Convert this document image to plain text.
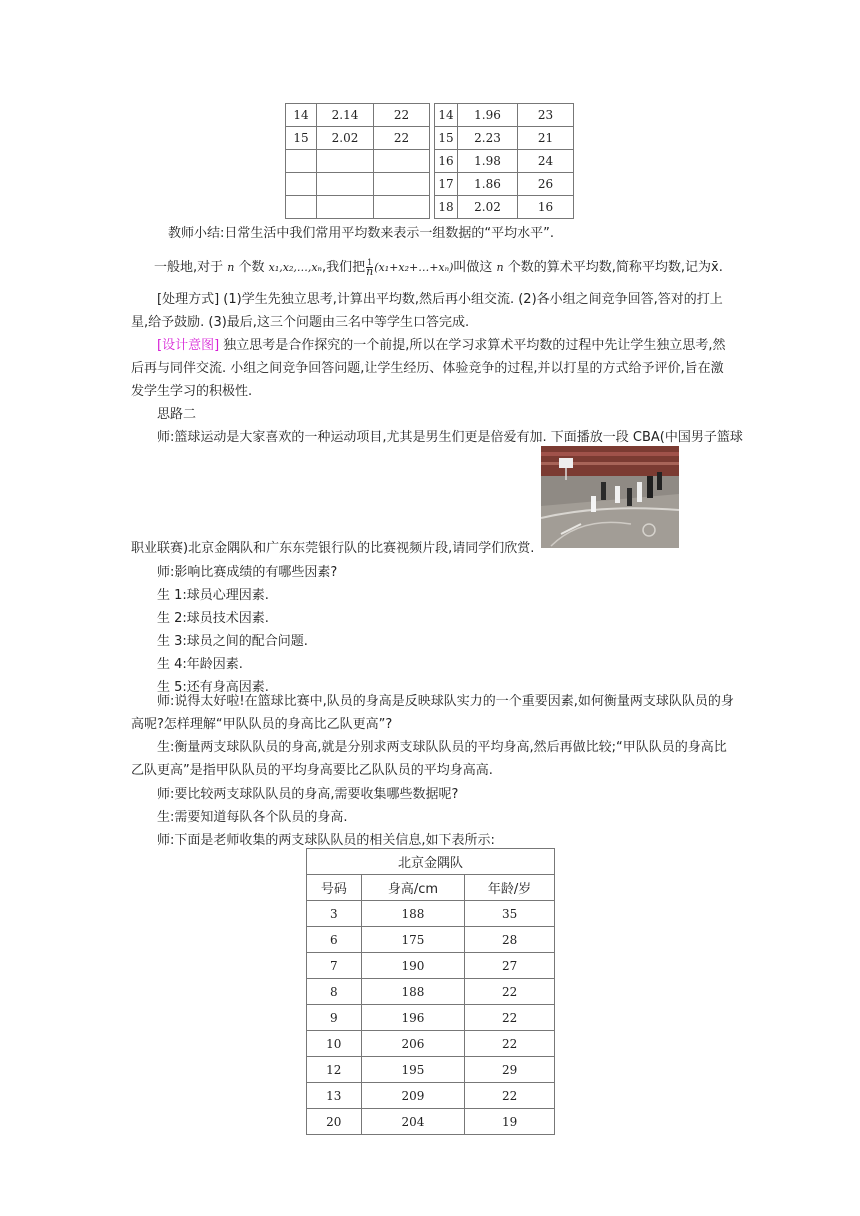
14	2.14	22		14	1.96	23
15	2.02	22		15	2.23	21
				16	1.98	24
				17	1.86	26
				18	2.02	16
教师小结:日常生活中我们常用平均数来表示一组数据的“平均水平”.
一般地,对于 n 个数 x₁,x₂,…,xₙ,我们把 $\frac{1}{n}$ (x₁+x₂+…+xₙ)叫做这 n 个数的算术平均数,简称平均数,记为x̄.
[处理方式] (1)学生先独立思考,计算出平均数,然后再小组交流. (2)各小组之间竞争回答,答对的打上星,给予鼓励. (3)最后,这三个问题由三名中等学生口答完成.
[设计意图] 独立思考是合作探究的一个前提,所以在学习求算术平均数的过程中先让学生独立思考,然后再与同伴交流. 小组之间竞争回答问题,让学生经历、体验竞争的过程,并以打星的方式给予评价,旨在激发学生学习的积极性.
思路二
师:篮球运动是大家喜欢的一种运动项目,尤其是男生们更是倍爱有加. 下面播放一段 CBA(中国男子篮球
职业联赛)北京金隅队和广东东莞银行队的比赛视频片段,请同学们欣赏.
师:影响比赛成绩的有哪些因素?
生 1:球员心理因素.
生 2:球员技术因素.
生 3:球员之间的配合问题.
生 4:年龄因素.
生 5:还有身高因素.
师:说得太好啦!在篮球比赛中,队员的身高是反映球队实力的一个重要因素,如何衡量两支球队队员的身高呢?怎样理解“甲队队员的身高比乙队更高”?
生:衡量两支球队队员的身高,就是分别求两支球队队员的平均身高,然后再做比较;“甲队队员的身高比乙队更高”是指甲队队员的平均身高要比乙队队员的平均身高高.
师:要比较两支球队队员的身高,需要收集哪些数据呢?
生:需要知道每队各个队员的身高.
师:下面是老师收集的两支球队队员的相关信息,如下表所示:
北京金隅队		
号码	身高/cm	年龄/岁
3	188	35
6	175	28
7	190	27
8	188	22
9	196	22
10	206	22
12	195	29
13	209	22
20	204	19
